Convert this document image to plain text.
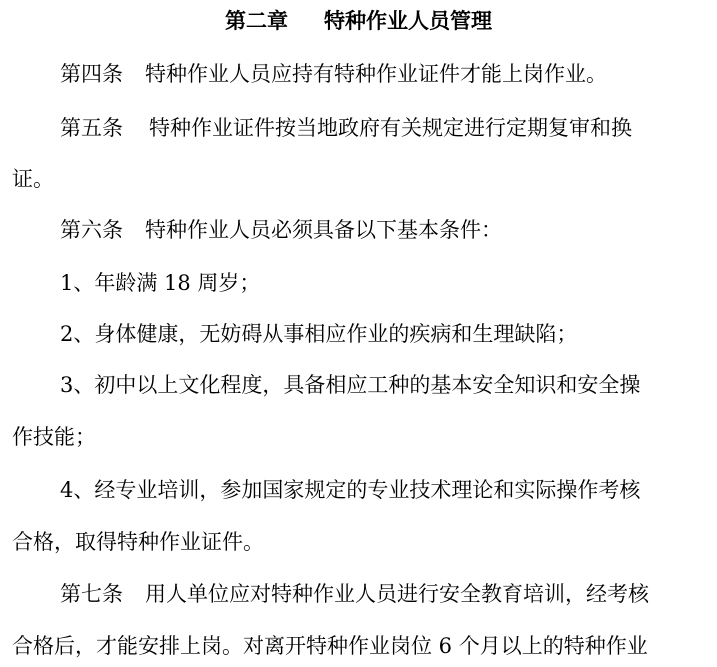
第二章 特种作业人员管理
第四条 特种作业人员应持有特种作业证件才能上岗作业。
第五条 特种作业证件按当地政府有关规定进行定期复审和换
证。
第六条 特种作业人员必须具备以下基本条件：
1、年龄满 18 周岁；
2、身体健康，无妨碍从事相应作业的疾病和生理缺陷；
3、初中以上文化程度，具备相应工种的基本安全知识和安全操
作技能；
4、经专业培训，参加国家规定的专业技术理论和实际操作考核
合格，取得特种作业证件。
第七条 用人单位应对特种作业人员进行安全教育培训，经考核
合格后，才能安排上岗。对离开特种作业岗位 6 个月以上的特种作业
